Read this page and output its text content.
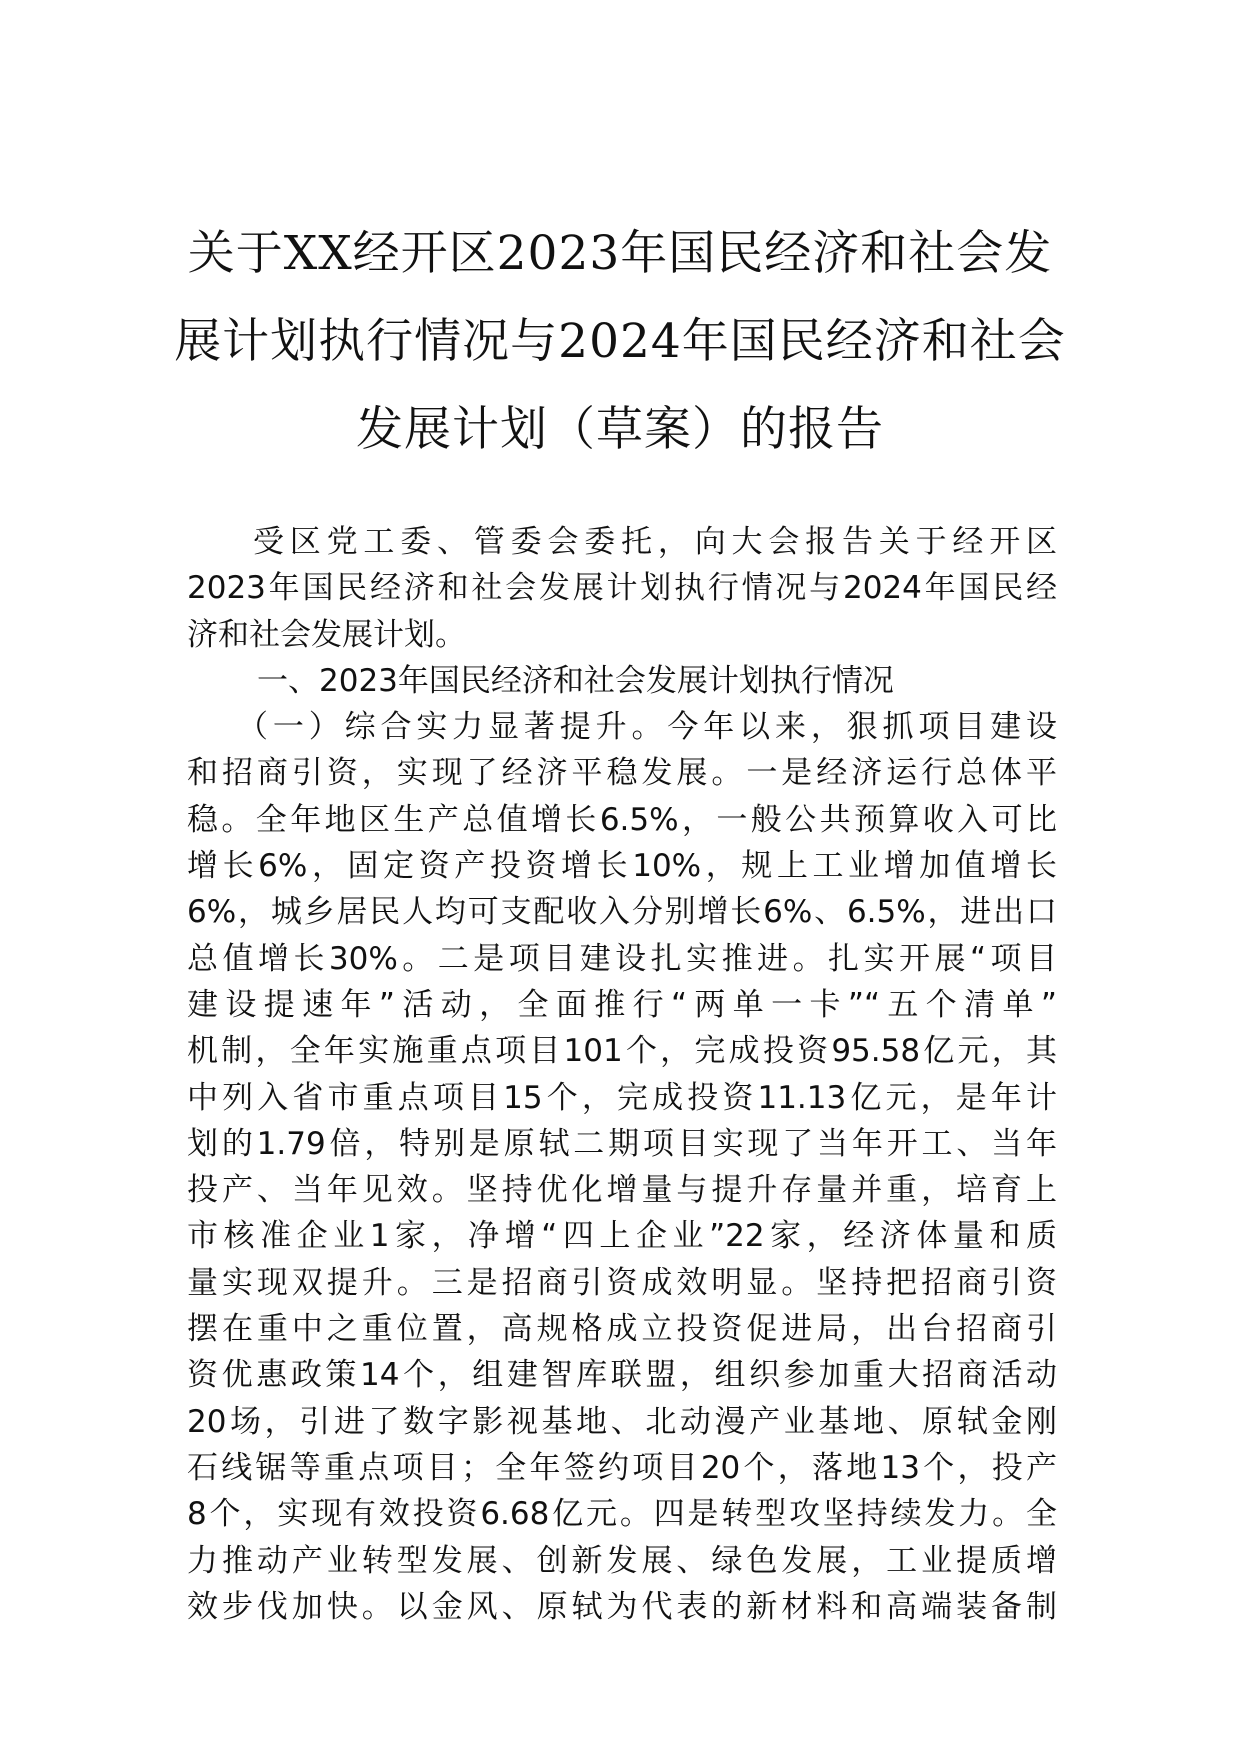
关于XX经开区2023年国民经济和社会发
展计划执行情况与2024年国民经济和社会
发展计划（草案）的报告
受区党工委、管委会委托，向大会报告关于经开区
2023年国民经济和社会发展计划执行情况与2024年国民经
济和社会发展计划。
一、2023年国民经济和社会发展计划执行情况
（一）综合实力显著提升。今年以来，狠抓项目建设
和招商引资，实现了经济平稳发展。一是经济运行总体平
稳。全年地区生产总值增长6.5%，一般公共预算收入可比
增长6%，固定资产投资增长10%，规上工业增加值增长
6%，城乡居民人均可支配收入分别增长6%、6.5%，进出口
总值增长30%。二是项目建设扎实推进。扎实开展“项目
建设提速年”活动，全面推行“两单一卡”“五个清单”
机制，全年实施重点项目101个，完成投资95.58亿元，其
中列入省市重点项目15个，完成投资11.13亿元，是年计
划的1.79倍，特别是原轼二期项目实现了当年开工、当年
投产、当年见效。坚持优化增量与提升存量并重，培育上
市核准企业1家，净增“四上企业”22家，经济体量和质
量实现双提升。三是招商引资成效明显。坚持把招商引资
摆在重中之重位置，高规格成立投资促进局，出台招商引
资优惠政策14个，组建智库联盟，组织参加重大招商活动
20场，引进了数字影视基地、北动漫产业基地、原轼金刚
石线锯等重点项目；全年签约项目20个，落地13个，投产
8个，实现有效投资6.68亿元。四是转型攻坚持续发力。全
力推动产业转型发展、创新发展、绿色发展，工业提质增
效步伐加快。以金风、原轼为代表的新材料和高端装备制
